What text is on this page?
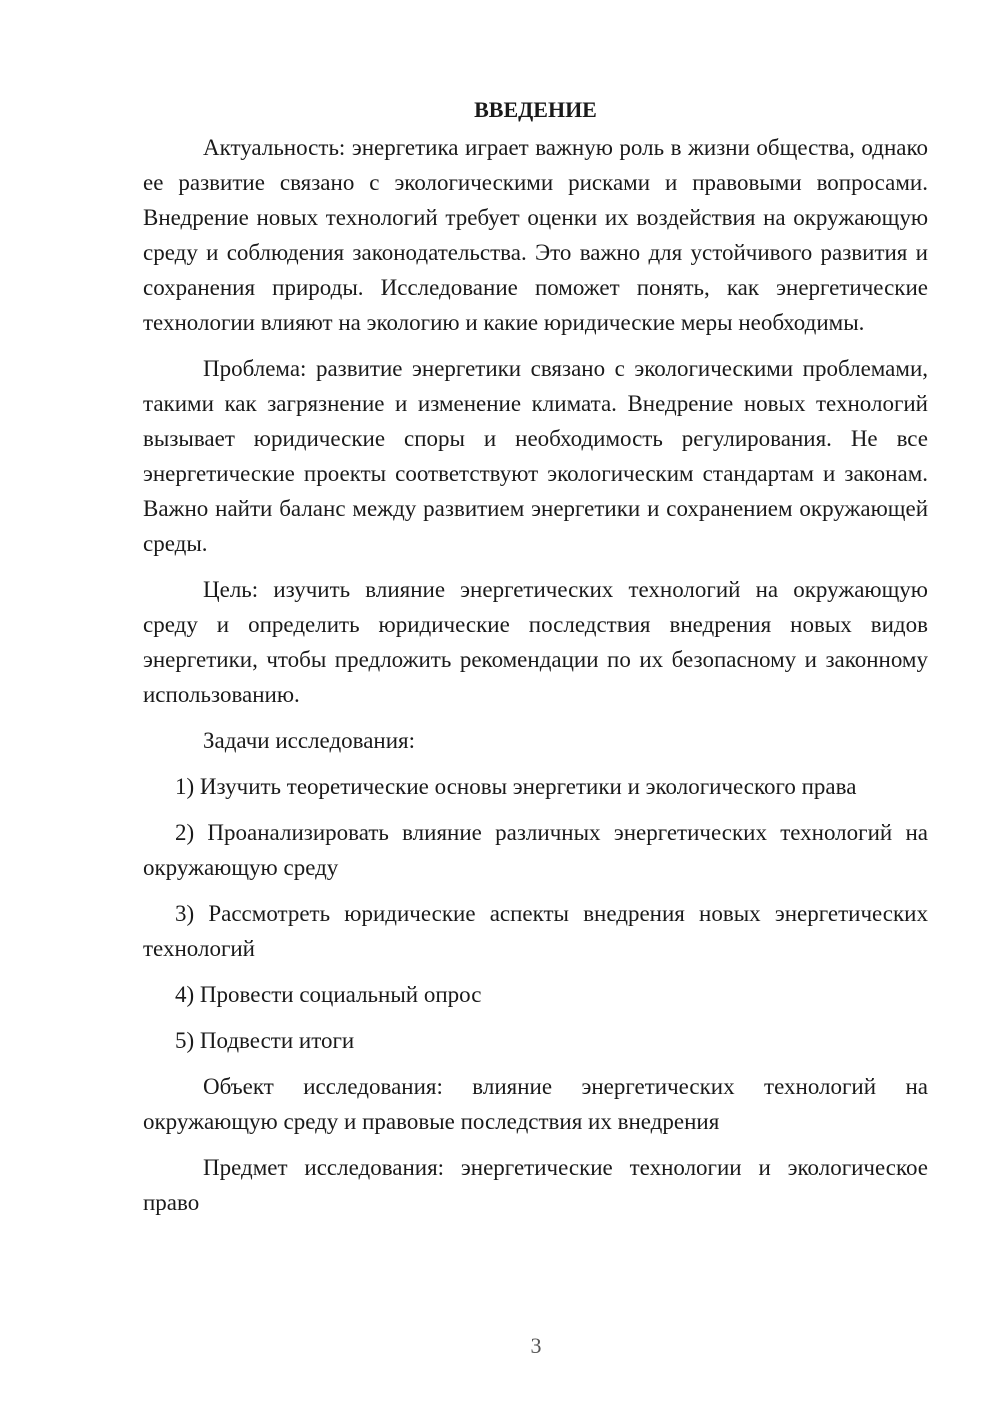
ВВЕДЕНИЕ

Актуальность: энергетика играет важную роль в жизни общества, однако ее развитие связано с экологическими рисками и правовыми вопросами. Внедрение новых технологий требует оценки их воздействия на окружающую среду и соблюдения законодательства. Это важно для устойчивого развития и сохранения природы. Исследование поможет понять, как энергетические технологии влияют на экологию и какие юридические меры необходимы.

Проблема: развитие энергетики связано с экологическими проблемами, такими как загрязнение и изменение климата. Внедрение новых технологий вызывает юридические споры и необходимость регулирования. Не все энергетические проекты соответствуют экологическим стандартам и законам. Важно найти баланс между развитием энергетики и сохранением окружающей среды.

Цель: изучить влияние энергетических технологий на окружающую среду и определить юридические последствия внедрения новых видов энергетики, чтобы предложить рекомендации по их безопасному и законному использованию.

Задачи исследования:

1) Изучить теоретические основы энергетики и экологического права

2) Проанализировать влияние различных энергетических технологий на окружающую среду

3) Рассмотреть юридические аспекты внедрения новых энергетических технологий

4) Провести социальный опрос

5) Подвести итоги

Объект исследования: влияние энергетических технологий на окружающую среду и правовые последствия их внедрения

Предмет исследования: энергетические технологии и экологическое право

3
